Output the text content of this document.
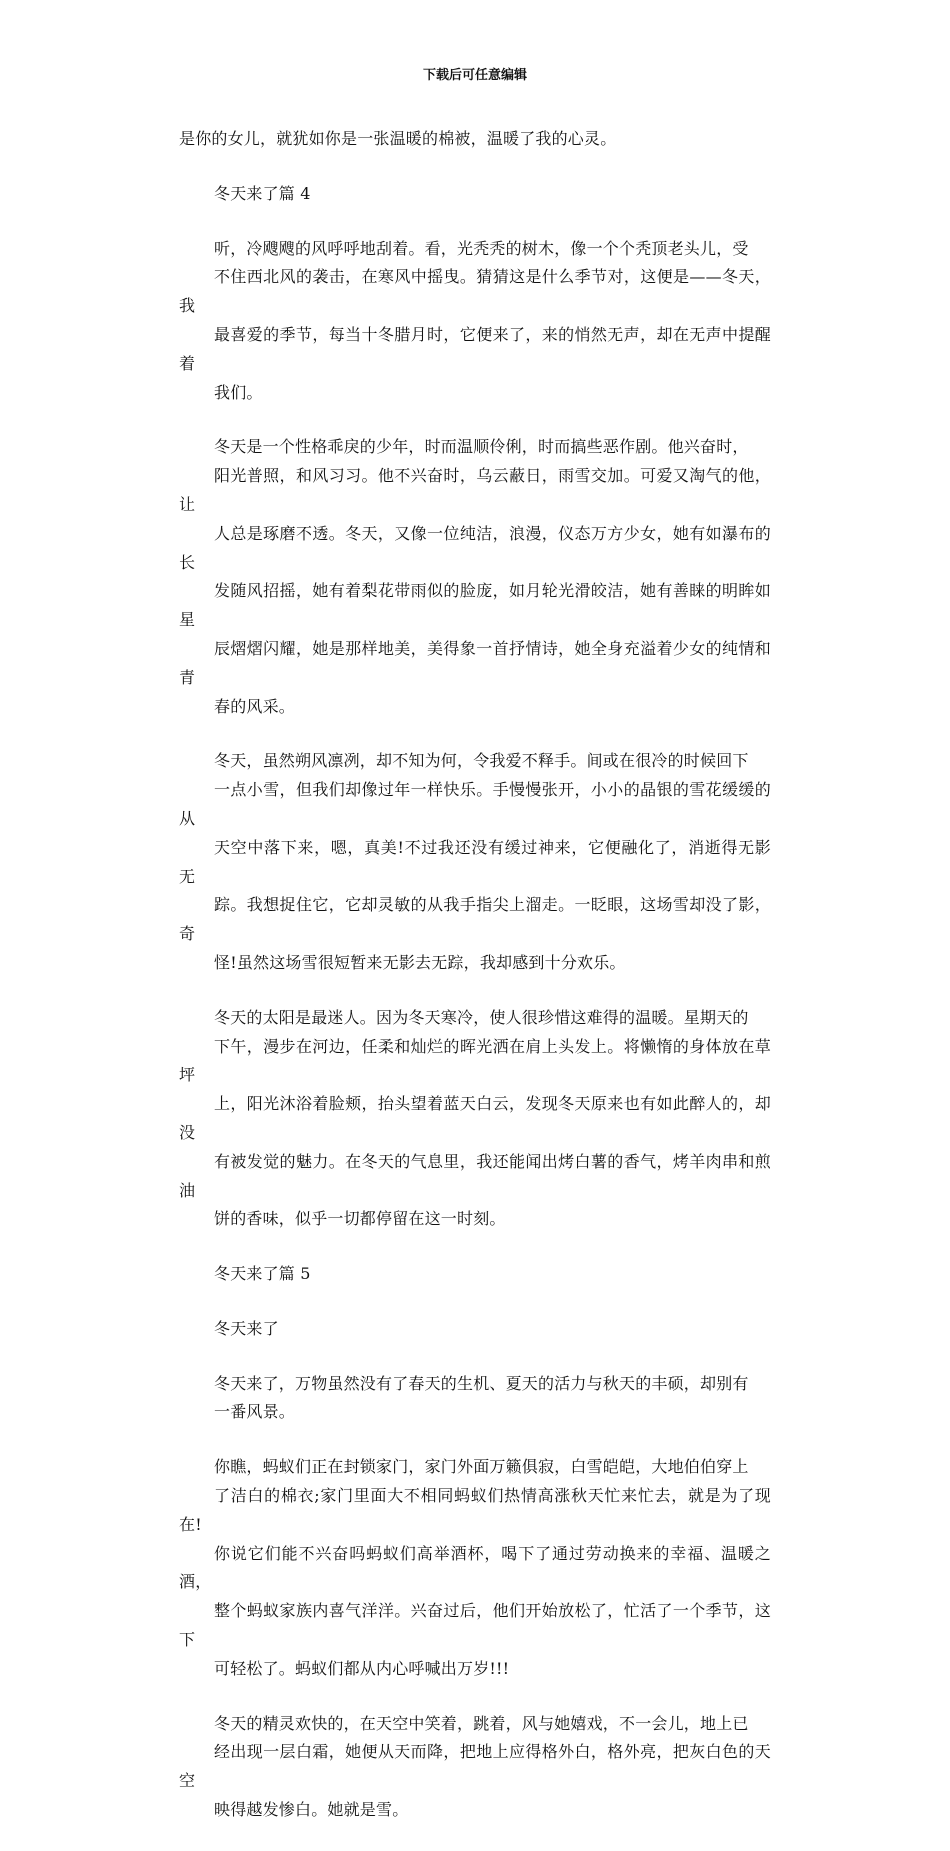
下载后可任意编辑

是你的女儿，就犹如你是一张温暖的棉被，温暖了我的心灵。

冬天来了篇 4

听，冷飕飕的风呼呼地刮着。看，光秃秃的树木，像一个个秃顶老头儿，受
不住西北风的袭击，在寒风中摇曳。猜猜这是什么季节对，这便是——冬天，我
最喜爱的季节，每当十冬腊月时，它便来了，来的悄然无声，却在无声中提醒着
我们。

冬天是一个性格乖戾的少年，时而温顺伶俐，时而搞些恶作剧。他兴奋时，
阳光普照，和风习习。他不兴奋时，乌云蔽日，雨雪交加。可爱又淘气的他，让
人总是琢磨不透。冬天，又像一位纯洁，浪漫，仪态万方少女，她有如瀑布的长
发随风招摇，她有着梨花带雨似的脸庞，如月轮光滑皎洁，她有善睐的明眸如星
辰熠熠闪耀，她是那样地美，美得象一首抒情诗，她全身充溢着少女的纯情和青
春的风采。

冬天，虽然朔风凛冽，却不知为何，令我爱不释手。间或在很冷的时候回下
一点小雪，但我们却像过年一样快乐。手慢慢张开，小小的晶银的雪花缓缓的从
天空中落下来，嗯，真美!不过我还没有缓过神来，它便融化了，消逝得无影无
踪。我想捉住它，它却灵敏的从我手指尖上溜走。一眨眼，这场雪却没了影，奇
怪!虽然这场雪很短暂来无影去无踪，我却感到十分欢乐。

冬天的太阳是最迷人。因为冬天寒冷，使人很珍惜这难得的温暖。星期天的
下午，漫步在河边，任柔和灿烂的晖光洒在肩上头发上。将懒惰的身体放在草坪
上，阳光沐浴着脸颊，抬头望着蓝天白云，发现冬天原来也有如此醉人的，却没
有被发觉的魅力。在冬天的气息里，我还能闻出烤白薯的香气，烤羊肉串和煎油
饼的香味，似乎一切都停留在这一时刻。

冬天来了篇 5

冬天来了

冬天来了，万物虽然没有了春天的生机、夏天的活力与秋天的丰硕，却别有
一番风景。

你瞧，蚂蚁们正在封锁家门，家门外面万籁俱寂，白雪皑皑，大地伯伯穿上
了洁白的棉衣;家门里面大不相同蚂蚁们热情高涨秋天忙来忙去，就是为了现在!
你说它们能不兴奋吗蚂蚁们高举酒杯，喝下了通过劳动换来的幸福、温暖之酒，
整个蚂蚁家族内喜气洋洋。兴奋过后，他们开始放松了，忙活了一个季节，这下
可轻松了。蚂蚁们都从内心呼喊出万岁!!!

冬天的精灵欢快的，在天空中笑着，跳着，风与她嬉戏，不一会儿，地上已
经出现一层白霜，她便从天而降，把地上应得格外白，格外亮，把灰白色的天空
映得越发惨白。她就是雪。
